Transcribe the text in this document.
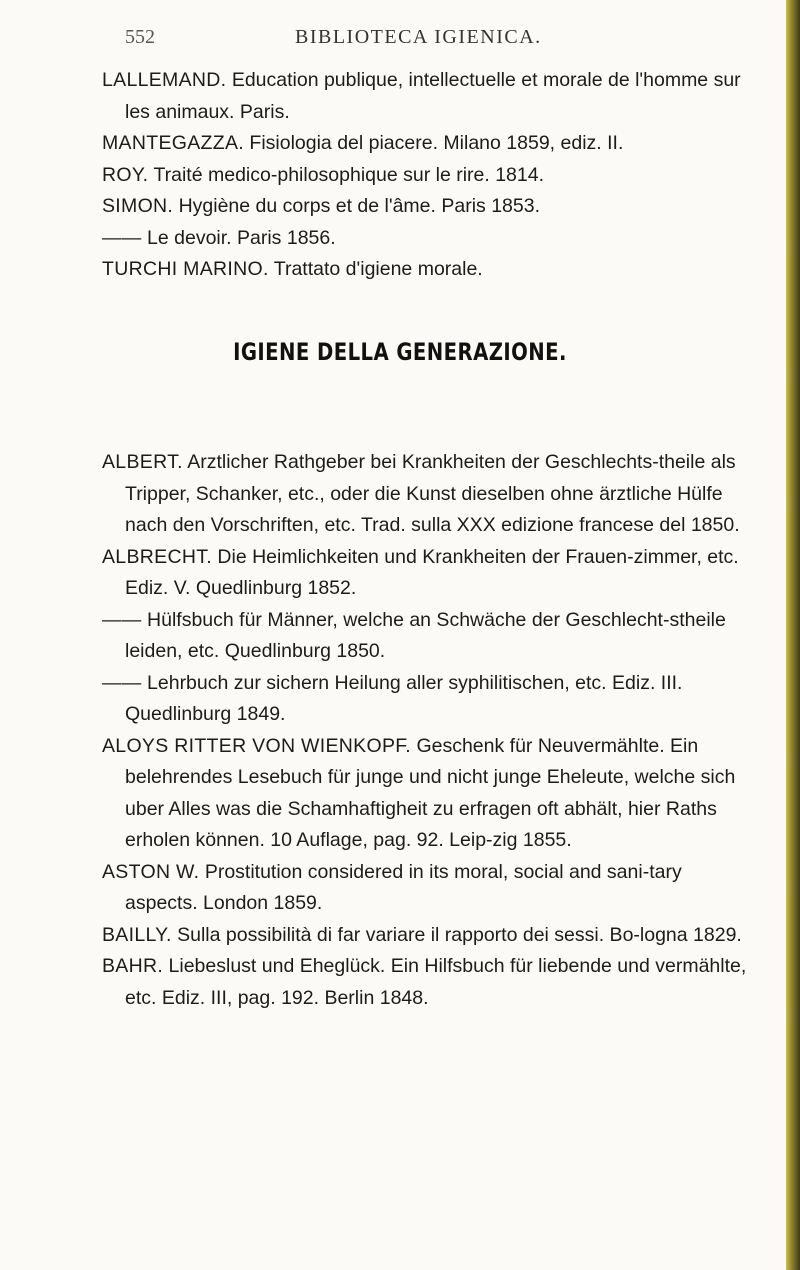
552	BIBLIOTECA IGIENICA.

LALLEMAND. Education publique, intellectuelle et morale de l'homme sur les animaux. Paris.

MANTEGAZZA. Fisiologia del piacere. Milano 1859, ediz. II.

ROY. Traité medico-philosophique sur le rire. 1814.

SIMON. Hygiène du corps et de l'âme. Paris 1853.

—— Le devoir. Paris 1856.

TURCHI MARINO. Trattato d'igiene morale.

IGIENE DELLA GENERAZIONE.

ALBERT. Arztlicher Rathgeber bei Krankheiten der Geschlechts-theile als Tripper, Schanker, etc., oder die Kunst dieselben ohne ärztliche Hülfe nach den Vorschriften, etc. Trad. sulla XXX edizione francese del 1850.

ALBRECHT. Die Heimlichkeiten und Krankheiten der Frauen-zimmer, etc. Ediz. V. Quedlinburg 1852.

—— Hülfsbuch für Männer, welche an Schwäche der Geschlecht-stheile leiden, etc. Quedlinburg 1850.

—— Lehrbuch zur sichern Heilung aller syphilitischen, etc. Ediz. III. Quedlinburg 1849.

ALOYS RITTER VON WIENKOPF. Geschenk für Neuvermählte. Ein belehrendes Lesebuch für junge und nicht junge Eheleute, welche sich uber Alles was die Schamhaftigheit zu erfragen oft abhält, hier Raths erholen können. 10 Auflage, pag. 92. Leip-zig 1855.

ASTON W. Prostitution considered in its moral, social and sani-tary aspects. London 1859.

BAILLY. Sulla possibilità di far variare il rapporto dei sessi. Bo-logna 1829.

BAHR. Liebeslust und Eheglück. Ein Hilfsbuch für liebende und vermählte, etc. Ediz. III, pag. 192. Berlin 1848.
